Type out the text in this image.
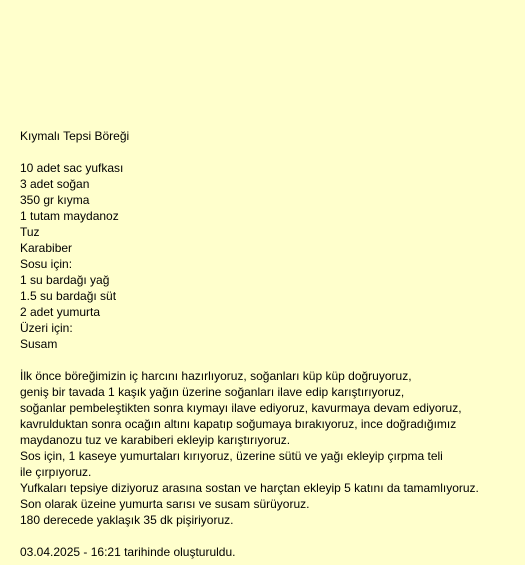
Kıymalı Tepsi Böreği
10 adet sac yufkası
3 adet soğan
350 gr kıyma
1 tutam maydanoz
Tuz
Karabiber
Sosu için:
1 su bardağı yağ
1.5 su bardağı süt
2 adet yumurta
Üzeri için:
Susam
İlk önce böreğimizin iç harcını hazırlıyoruz, soğanları küp küp doğruyoruz,
geniş bir tavada 1 kaşık yağın üzerine soğanları ilave edip karıştırıyoruz,
soğanlar pembeleştikten sonra kıymayı ilave ediyoruz, kavurmaya devam ediyoruz,
kavrulduktan sonra ocağın altını kapatıp soğumaya bırakıyoruz, ince doğradığımız
maydanozu tuz ve karabiberi ekleyip karıştırıyoruz.
Sos için, 1 kaseye yumurtaları kırıyoruz, üzerine sütü ve yağı ekleyip çırpma teli
ile çırpıyoruz.
Yufkaları tepsiye diziyoruz arasına sostan ve harçtan ekleyip 5 katını da tamamlıyoruz.
Son olarak üzeine yumurta sarısı ve susam sürüyoruz.
180 derecede yaklaşık 35 dk pişiriyoruz.
03.04.2025 - 16:21 tarihinde oluşturuldu.
